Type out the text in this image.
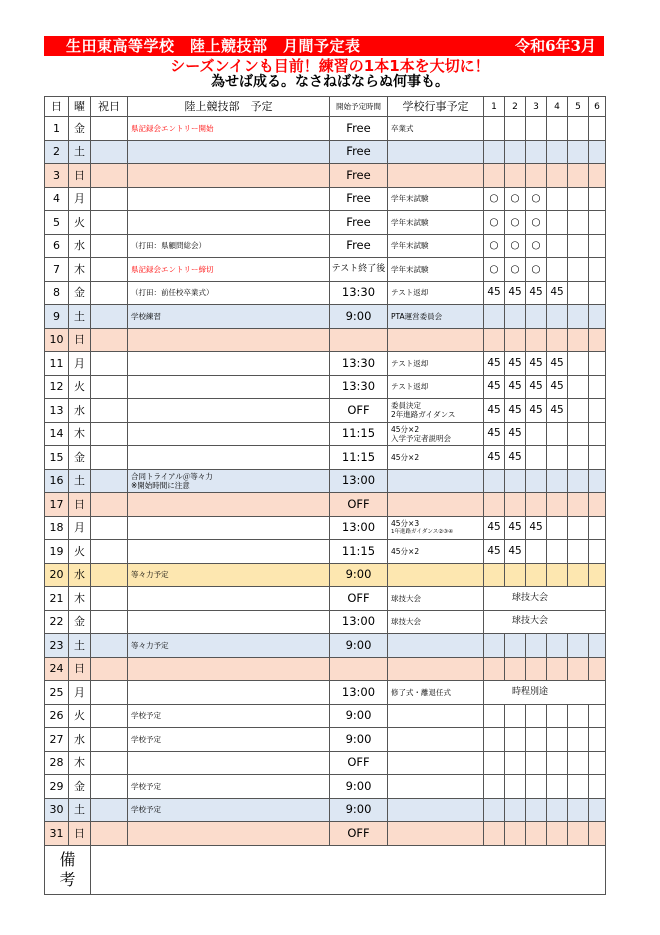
生田東高等学校　陸上競技部　月間予定表	令和6年3月
シーズンインも目前！練習の1本1本を大切に！
為せば成る。なさねばならぬ何事も。
日	曜	祝日	陸上競技部　予定	開始予定時間	学校行事予定	1	2	3	4	5	6
1	金		県記録会エントリー開始	Free	卒業式						

2	土			Free	

3	日			Free	

4	月			Free	学年末試験	○	○	○			
5	火			Free	学年末試験	○	○	○			
6	水		（打田：県顧問総会）	Free	学年末試験	○	○	○			
7	木		県記録会エントリー締切	テスト終了後	学年末試験	○	○	○			
8	金		（打田：前任校卒業式）	13:30	テスト返却	45	45	45	45		
9	土		学校練習	9:00	PTA運営委員会						

10	日		

11	月			13:30	テスト返却	45	45	45	45		
12	火			13:30	テスト返却	45	45	45	45		
13	水			OFF	委員決定
2年進路ガイダンス	45	45	45	45		
14	木			11:15	45分×2
入学予定者説明会	45	45				
15	金			11:15	45分×2	45	45				
16	土		合同トライアル＠等々力
※開始時間に注意	13:00	

17	日			OFF	

18	月			13:00	45分×3
1年進路ガイダンス②③④	45	45	45			
19	火			11:15	45分×2	45	45				
20	水		等々力予定	9:00	

21	木			OFF	球技大会	球技大会					
22	金			13:00	球技大会	球技大会					
23	土		等々力予定	9:00	

24	日		

25	月			13:00	修了式・離退任式	時程別途					
26	火		学校予定	9:00	

27	水		学校予定	9:00	

28	木			OFF	

29	金		学校予定	9:00	

30	土		学校予定	9:00	

31	日			OFF	

備考											
